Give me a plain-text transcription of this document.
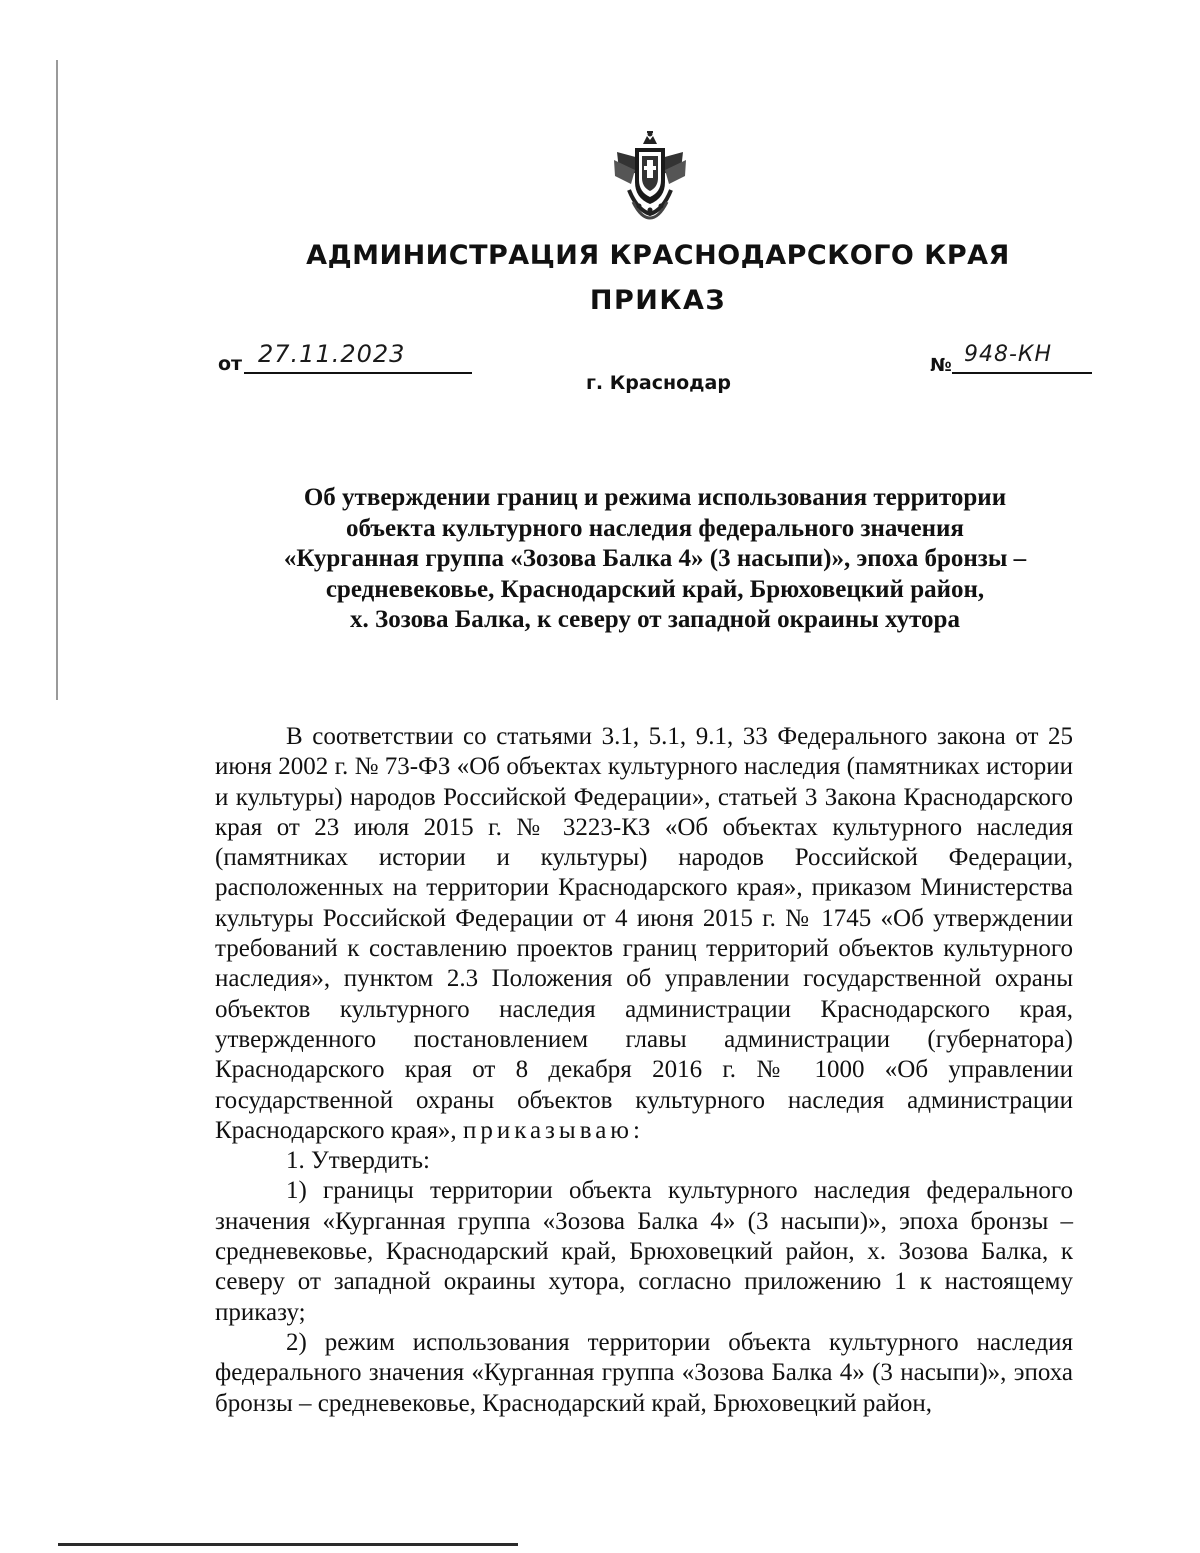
АДМИНИСТРАЦИЯ КРАСНОДАРСКОГО КРАЯ
ПРИКАЗ
от 27.11.2023	№ 948-КН
г. Краснодар
Об утверждении границ и режима использования территории
объекта культурного наследия федерального значения
«Курганная группа «Зозова Балка 4» (3 насыпи)», эпоха бронзы –
средневековье, Краснодарский край, Брюховецкий район,
х. Зозова Балка, к северу от западной окраины хутора

В соответствии со статьями 3.1, 5.1, 9.1, 33 Федерального закона от 25 июня 2002 г. № 73-ФЗ «Об объектах культурного наследия (памятниках истории и культуры) народов Российской Федерации», статьей 3 Закона Краснодарского края от 23 июля 2015 г. № 3223-КЗ «Об объектах культурного наследия (памятниках истории и культуры) народов Российской Федерации, расположенных на территории Краснодарского края», приказом Министерства культуры Российской Федерации от 4 июня 2015 г. № 1745 «Об утверждении требований к составлению проектов границ территорий объектов культурного наследия», пунктом 2.3 Положения об управлении государственной охраны объектов культурного наследия администрации Краснодарского края, утвержденного постановлением главы администрации (губернатора) Краснодарского края от 8 декабря 2016 г. № 1000 «Об управлении государственной охраны объектов культурного наследия администрации Краснодарского края», приказываю:

1. Утвердить:

1) границы территории объекта культурного наследия федерального значения «Курганная группа «Зозова Балка 4» (3 насыпи)», эпоха бронзы – средневековье, Краснодарский край, Брюховецкий район, х. Зозова Балка, к северу от западной окраины хутора, согласно приложению 1 к настоящему приказу;

2) режим использования территории объекта культурного наследия федерального значения «Курганная группа «Зозова Балка 4» (3 насыпи)», эпоха бронзы – средневековье, Краснодарский край, Брюховецкий район,
